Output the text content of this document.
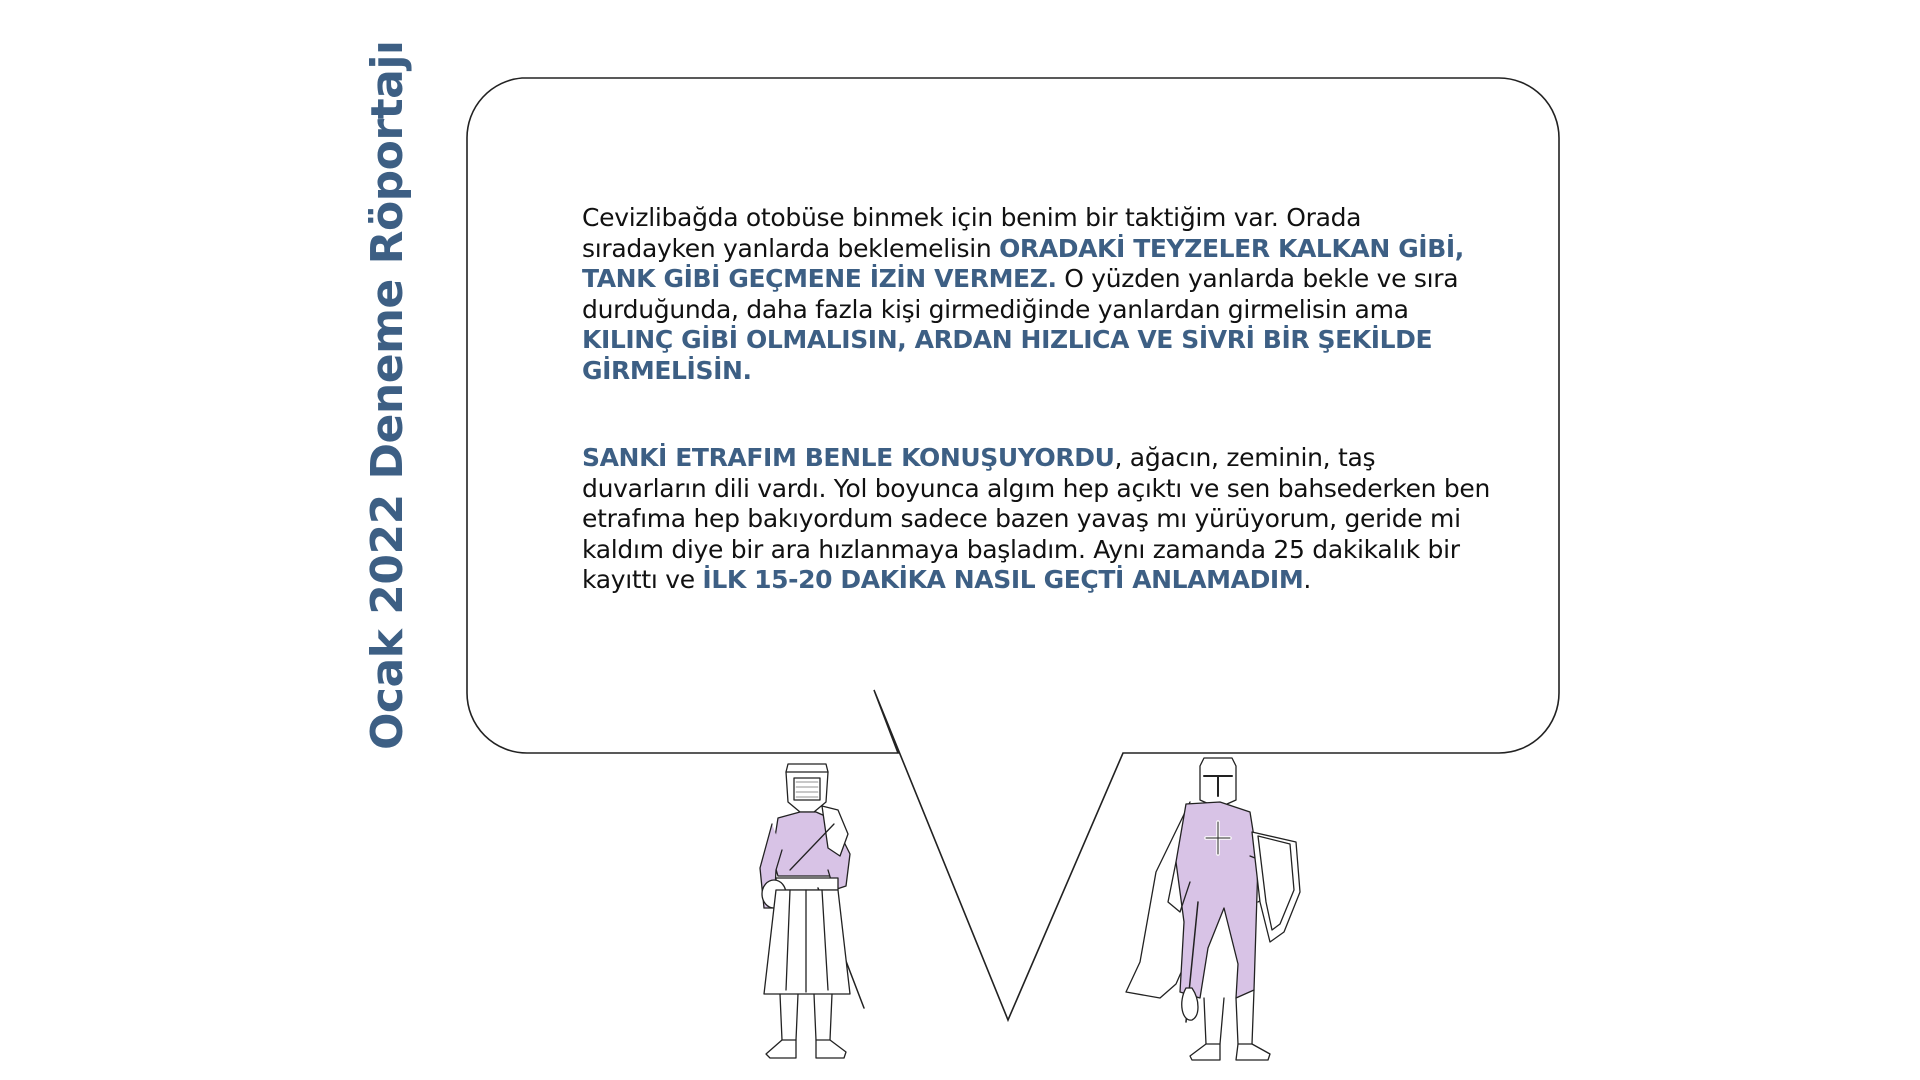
Ocak 2022 Deneme Röportajı	Cevizlibağda otobüse binmek için benim bir taktiğim var. Orada sıradayken yanlarda beklemelisin ORADAKİ TEYZELER KALKAN GİBİ, TANK GİBİ GEÇMENE İZİN VERMEZ. O yüzden yanlarda bekle ve sıra durduğunda, daha fazla kişi girmediğinde yanlardan girmelisin ama KILINÇ GİBİ OLMALISIN, ARDAN HIZLICA VE SİVRİ BİR ŞEKİLDE GİRMELİSİN.

SANKİ ETRAFIM BENLE KONUŞUYORDU, ağacın, zeminin, taş duvarların dili vardı. Yol boyunca algım hep açıktı ve sen bahsederken ben etrafıma hep bakıyordum sadece bazen yavaş mı yürüyorum, geride mi kaldım diye bir ara hızlanmaya başladım. Aynı zamanda 25 dakikalık bir kayıttı ve İLK 15-20 DAKİKA NASIL GEÇTİ ANLAMADIM.
